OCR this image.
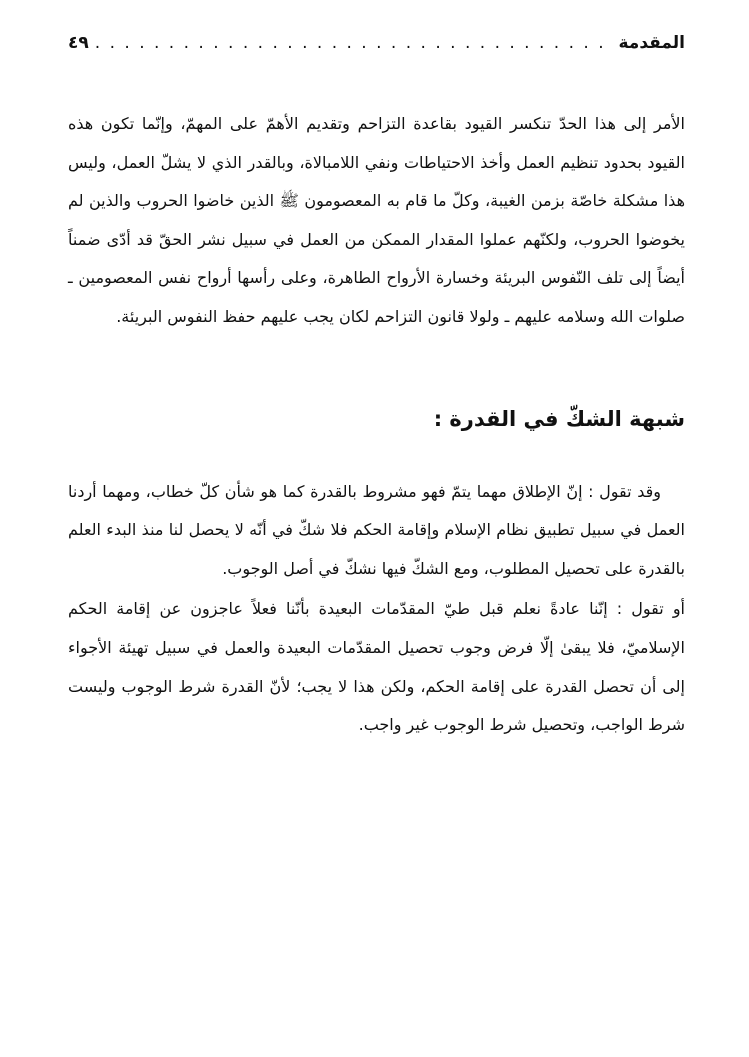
المقدمة
. . .
٤٩

الأمر إلى هذا الحدّ تنكسر القيود بقاعدة التزاحم وتقديم الأهمّ على المهمّ، وإنّما تكون هذه القيود بحدود تنظيم العمل وأخذ الاحتياطات ونفي اللامبالاة، وبالقدر الذي لا يشلّ العمل، وليس هذا مشكلة خاصّة بزمن الغيبة، وكلّ ما قام به المعصومون ﷺ الذين خاضوا الحروب والذين لم يخوضوا الحروب، ولكنّهم عملوا المقدار الممكن من العمل في سبيل نشر الحقّ قد أدّى ضمناً أيضاً إلى تلف النّفوس البريئة وخسارة الأرواح الطاهرة، وعلى رأسها أرواح نفس المعصومين ـ صلوات الله وسلامه عليهم ـ ولولا قانون التزاحم لكان يجب عليهم حفظ النفوس البريئة.

شبهة الشكّ في القدرة :

وقد تقول : إنّ الإطلاق مهما يتمّ فهو مشروط بالقدرة كما هو شأن كلّ خطاب، ومهما أردنا العمل في سبيل تطبيق نظام الإسلام وإقامة الحكم فلا شكّ في أنّه لا يحصل لنا منذ البدء العلم بالقدرة على تحصيل المطلوب، ومع الشكّ فيها نشكّ في أصل الوجوب.

أو تقول : إنّنا عادةً نعلم قبل طيّ المقدّمات البعيدة بأنّنا فعلاً عاجزون عن إقامة الحكم الإسلاميّ، فلا يبقىٰ إلّا فرض وجوب تحصيل المقدّمات البعيدة والعمل في سبيل تهيئة الأجواء إلى أن تحصل القدرة على إقامة الحكم، ولكن هذا لا يجب؛ لأنّ القدرة شرط الوجوب وليست شرط الواجب، وتحصيل شرط الوجوب غير واجب.
